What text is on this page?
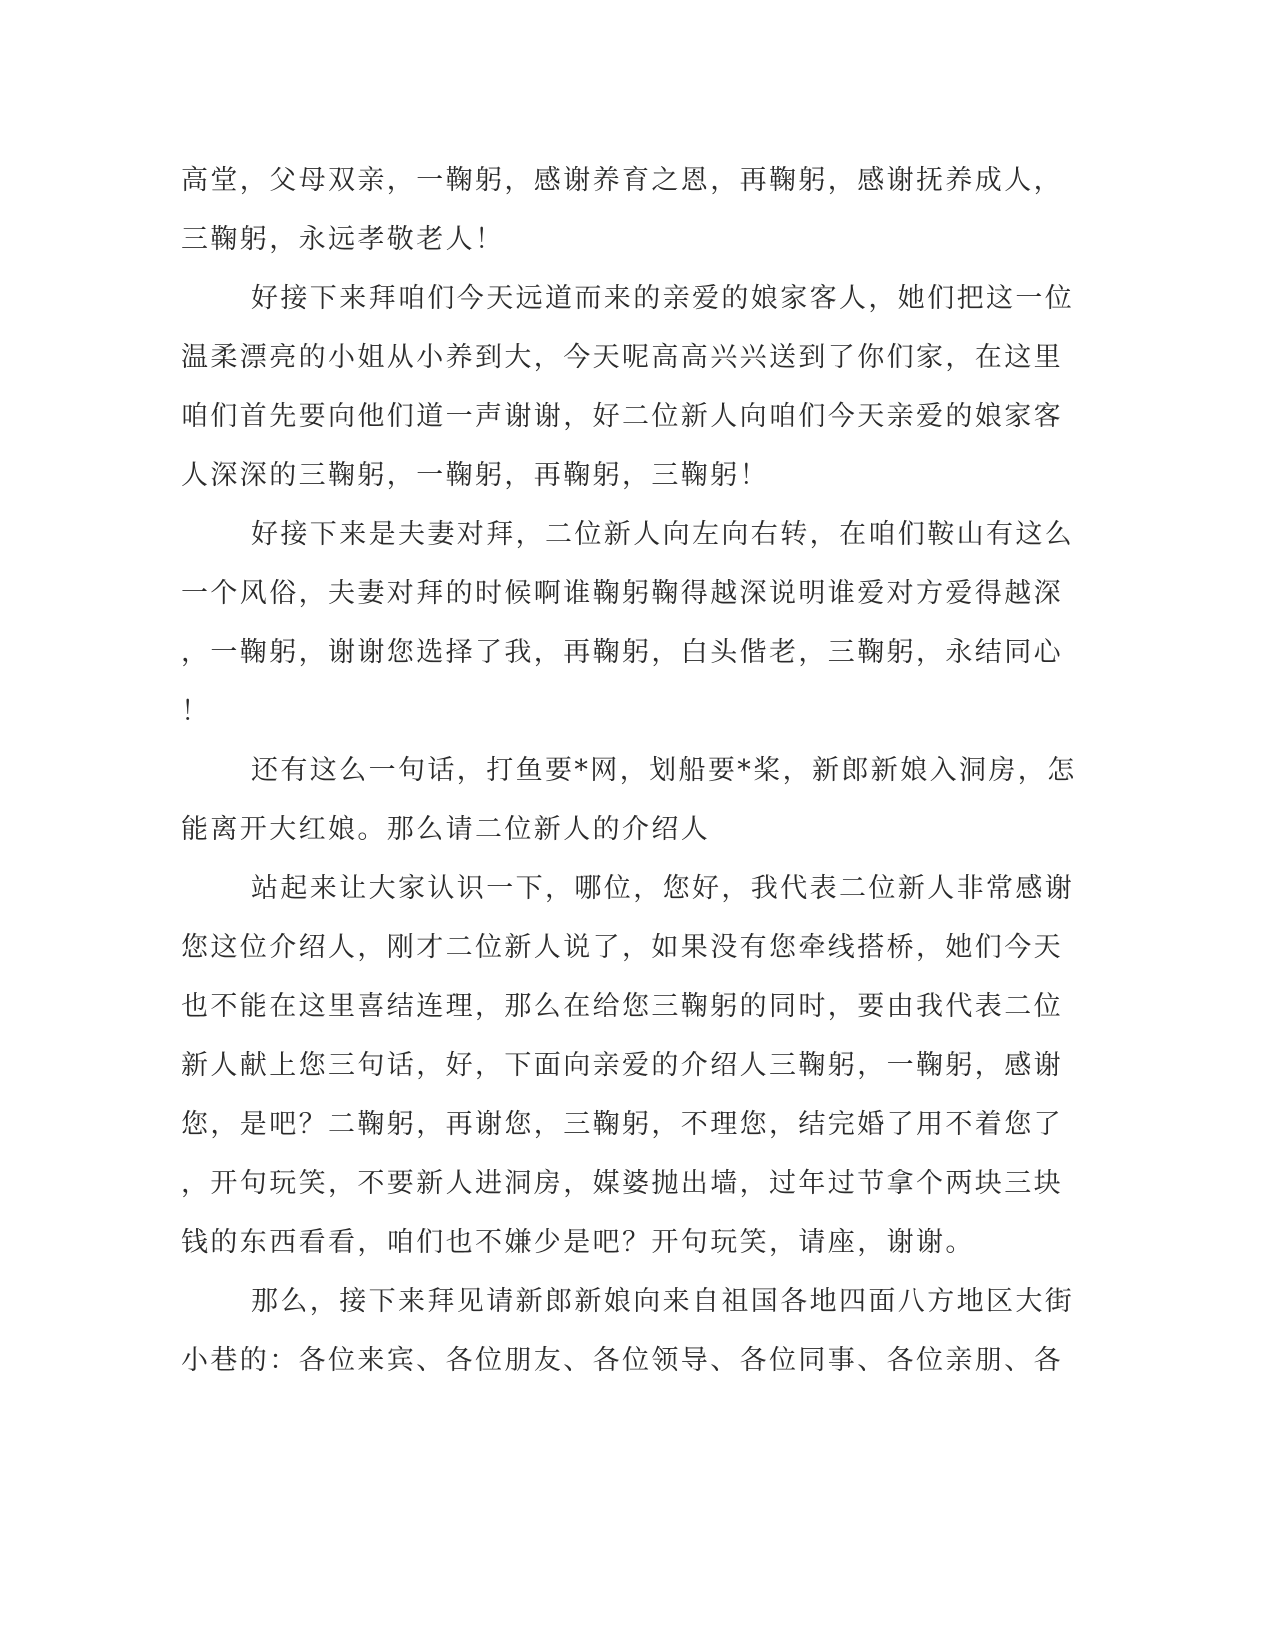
高堂，父母双亲，一鞠躬，感谢养育之恩，再鞠躬，感谢抚养成人，
三鞠躬，永远孝敬老人！
好接下来拜咱们今天远道而来的亲爱的娘家客人，她们把这一位
温柔漂亮的小姐从小养到大，今天呢高高兴兴送到了你们家，在这里
咱们首先要向他们道一声谢谢，好二位新人向咱们今天亲爱的娘家客
人深深的三鞠躬，一鞠躬，再鞠躬，三鞠躬！
好接下来是夫妻对拜，二位新人向左向右转，在咱们鞍山有这么
一个风俗，夫妻对拜的时候啊谁鞠躬鞠得越深说明谁爱对方爱得越深
，一鞠躬，谢谢您选择了我，再鞠躬，白头偕老，三鞠躬，永结同心
！
还有这么一句话，打鱼要*网，划船要*桨，新郎新娘入洞房，怎
能离开大红娘。那么请二位新人的介绍人
站起来让大家认识一下，哪位，您好，我代表二位新人非常感谢
您这位介绍人，刚才二位新人说了，如果没有您牵线搭桥，她们今天
也不能在这里喜结连理，那么在给您三鞠躬的同时，要由我代表二位
新人献上您三句话，好，下面向亲爱的介绍人三鞠躬，一鞠躬，感谢
您，是吧？二鞠躬，再谢您，三鞠躬，不理您，结完婚了用不着您了
，开句玩笑，不要新人进洞房，媒婆抛出墙，过年过节拿个两块三块
钱的东西看看，咱们也不嫌少是吧？开句玩笑，请座，谢谢。
那么，接下来拜见请新郎新娘向来自祖国各地四面八方地区大街
小巷的：各位来宾、各位朋友、各位领导、各位同事、各位亲朋、各
